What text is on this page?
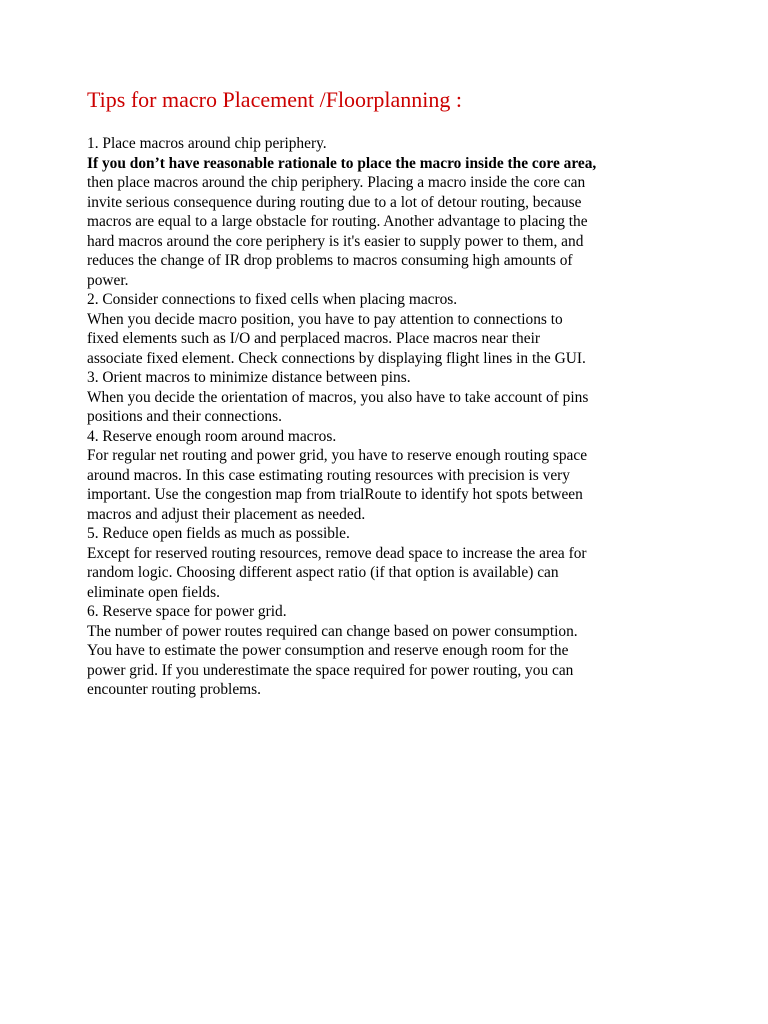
Tips for macro Placement /Floorplanning :
1. Place macros around chip periphery.
If you don’t have reasonable rationale to place the macro inside the core area,
then place macros around the chip periphery. Placing a macro inside the core can
invite serious consequence during routing due to a lot of detour routing, because
macros are equal to a large obstacle for routing. Another advantage to placing the
hard macros around the core periphery is it's easier to supply power to them, and
reduces the change of IR drop problems to macros consuming high amounts of
power.
2. Consider connections to fixed cells when placing macros.
When you decide macro position, you have to pay attention to connections to
fixed elements such as I/O and perplaced macros. Place macros near their
associate fixed element. Check connections by displaying flight lines in the GUI.
3. Orient macros to minimize distance between pins.
When you decide the orientation of macros, you also have to take account of pins
positions and their connections.
4. Reserve enough room around macros.
For regular net routing and power grid, you have to reserve enough routing space
around macros. In this case estimating routing resources with precision is very
important. Use the congestion map from trialRoute to identify hot spots between
macros and adjust their placement as needed.
5. Reduce open fields as much as possible.
Except for reserved routing resources, remove dead space to increase the area for
random logic. Choosing different aspect ratio (if that option is available) can
eliminate open fields.
6. Reserve space for power grid.
The number of power routes required can change based on power consumption.
You have to estimate the power consumption and reserve enough room for the
power grid. If you underestimate the space required for power routing, you can
encounter routing problems.
